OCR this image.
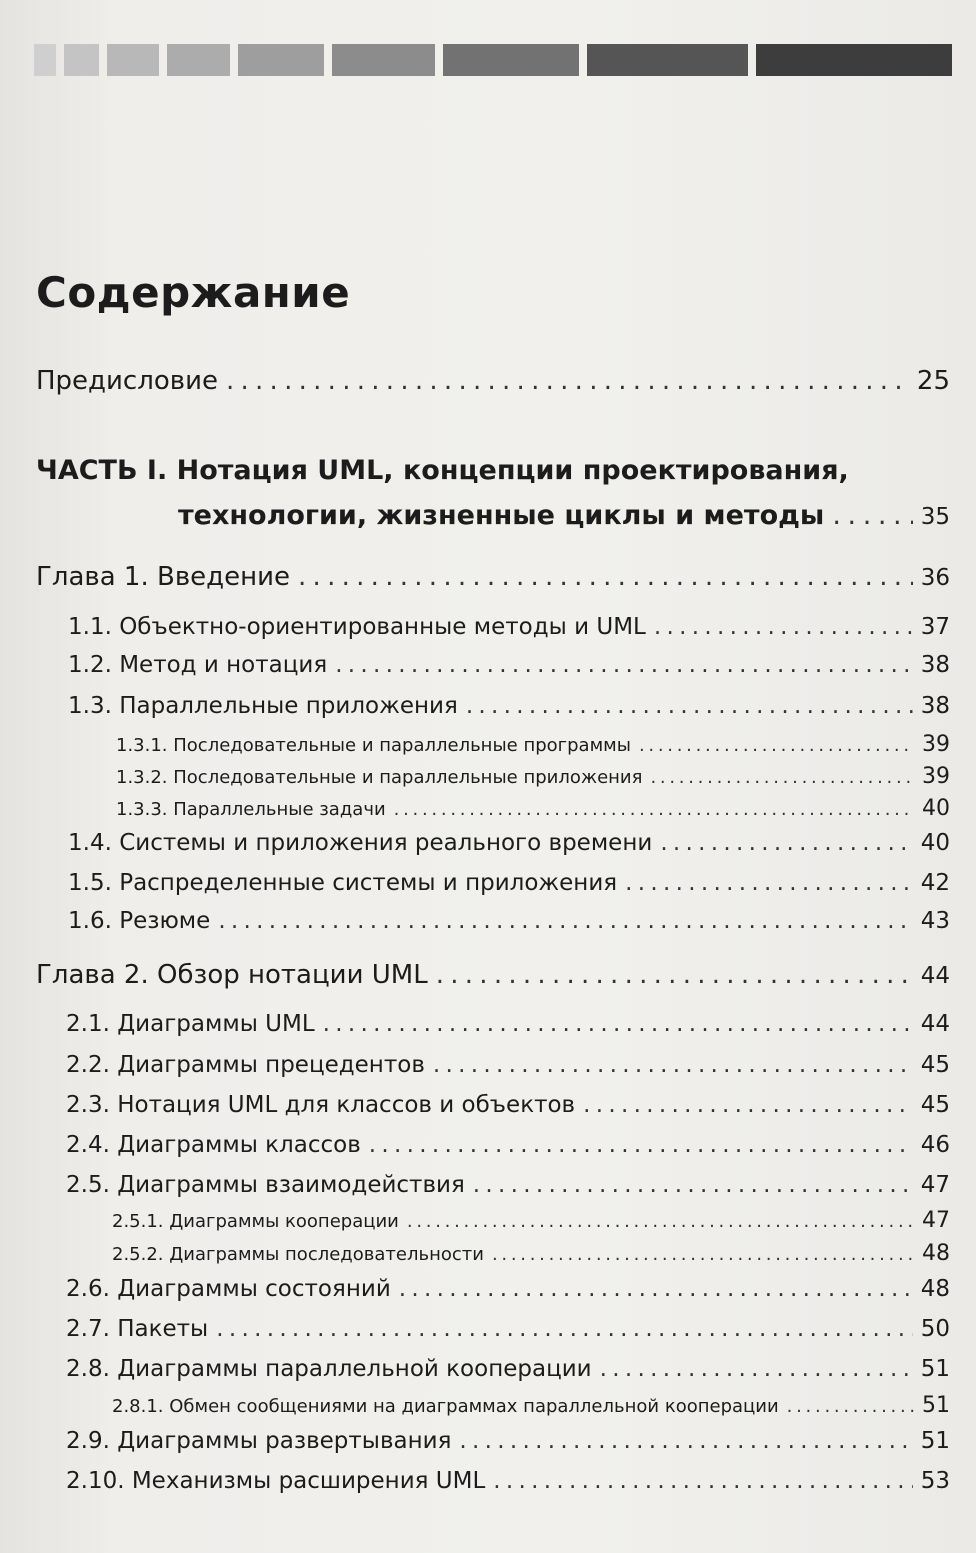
Содержание
Предисловие . . .	25
ЧАСТЬ I. Нотация UML, концепции проектирования,
технологии, жизненные циклы и методы . . .	35
Глава 1. Введение . . .	36
1.1. Объектно-ориентированные методы и UML . . .	37
1.2. Метод и нотация . . .	38
1.3. Параллельные приложения . . .	38
1.3.1. Последовательные и параллельные программы . . .	39
1.3.2. Последовательные и параллельные приложения . . .	39
1.3.3. Параллельные задачи . . .	40
1.4. Системы и приложения реального времени . . .	40
1.5. Распределенные системы и приложения . . .	42
1.6. Резюме . . .	43
Глава 2. Обзор нотации UML . . .	44
2.1. Диаграммы UML . . .	44
2.2. Диаграммы прецедентов . . .	45
2.3. Нотация UML для классов и объектов . . .	45
2.4. Диаграммы классов . . .	46
2.5. Диаграммы взаимодействия . . .	47
2.5.1. Диаграммы кооперации . . .	47
2.5.2. Диаграммы последовательности . . .	48
2.6. Диаграммы состояний . . .	48
2.7. Пакеты . . .	50
2.8. Диаграммы параллельной кооперации . . .	51
2.8.1. Обмен сообщениями на диаграммах параллельной кооперации . . .	51
2.9. Диаграммы развертывания . . .	51
2.10. Механизмы расширения UML . . .	53
